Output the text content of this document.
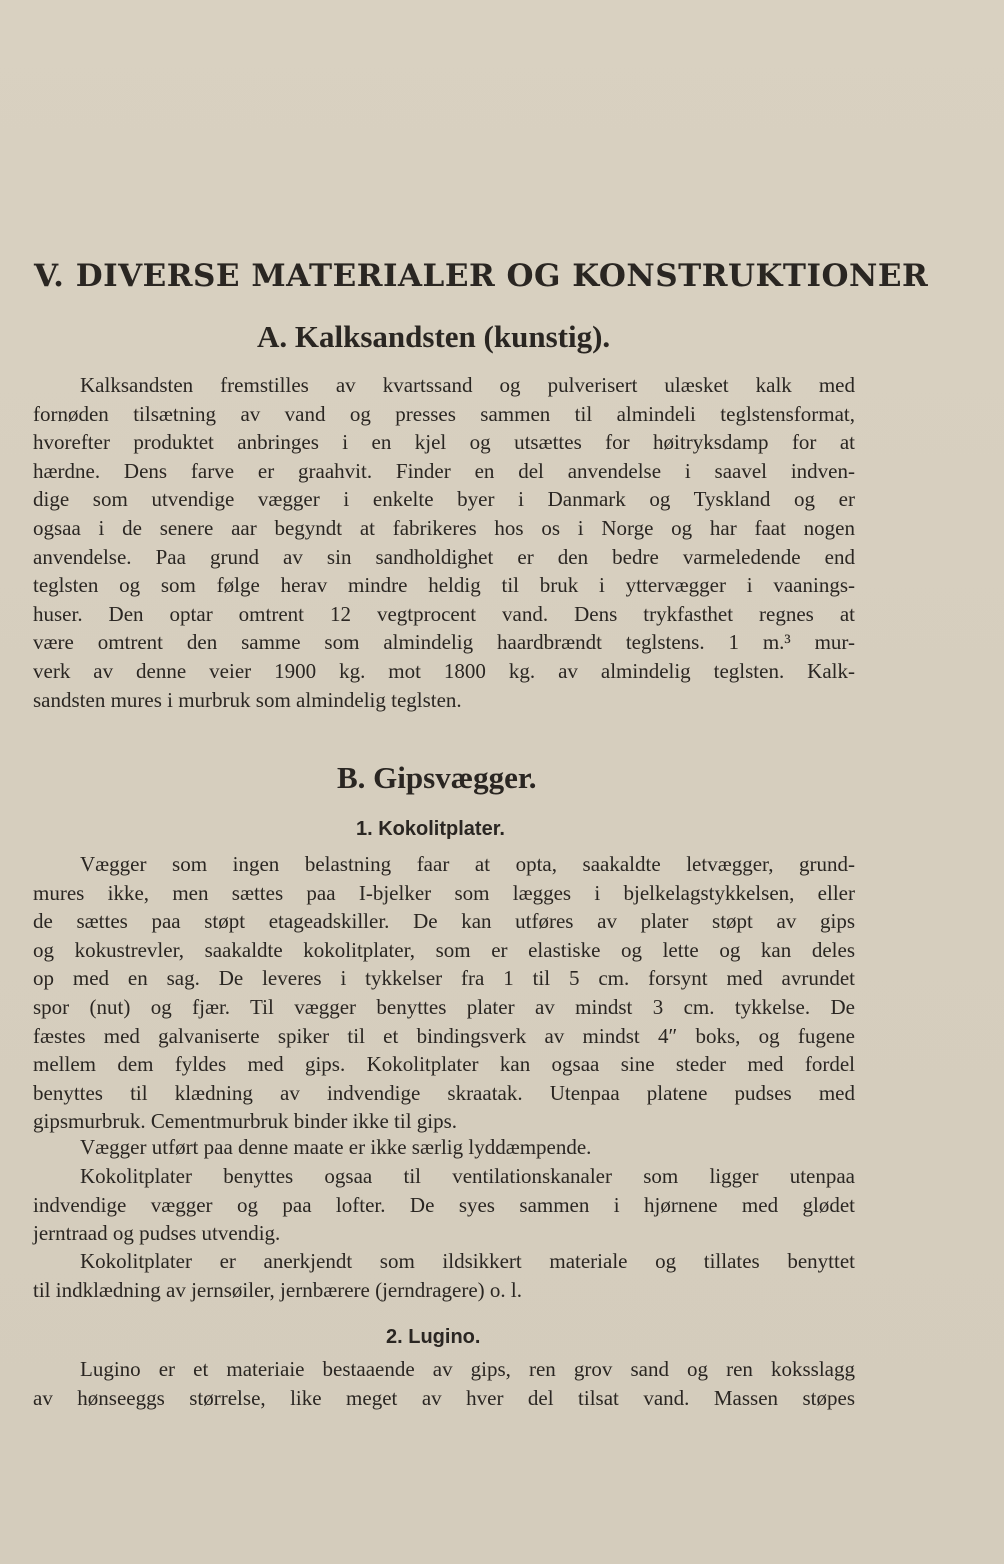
V. DIVERSE MATERIALER OG KONSTRUKTIONER
A. Kalksandsten (kunstig).

Kalksandsten fremstilles av kvartssand og pulverisert ulæsket kalk med
fornøden tilsætning av vand og presses sammen til almindeli teglstensformat,
hvorefter produktet anbringes i en kjel og utsættes for høitryksdamp for at
hærdne. Dens farve er graahvit. Finder en del anvendelse i saavel indven-
dige som utvendige vægger i enkelte byer i Danmark og Tyskland og er
ogsaa i de senere aar begyndt at fabrikeres hos os i Norge og har faat nogen
anvendelse. Paa grund av sin sandholdighet er den bedre varmeledende end
teglsten og som følge herav mindre heldig til bruk i yttervægger i vaanings-
huser. Den optar omtrent 12 vegtprocent vand. Dens trykfasthet regnes at
være omtrent den samme som almindelig haardbrændt teglstens. 1 m.³ mur-
verk av denne veier 1900 kg. mot 1800 kg. av almindelig teglsten. Kalk-
sandsten mures i murbruk som almindelig teglsten.

B. Gipsvægger.
1. Kokolitplater.

Vægger som ingen belastning faar at opta, saakaldte letvægger, grund-
mures ikke, men sættes paa I-bjelker som lægges i bjelkelagstykkelsen, eller
de sættes paa støpt etageadskiller. De kan utføres av plater støpt av gips
og kokustrevler, saakaldte kokolitplater, som er elastiske og lette og kan deles
op med en sag. De leveres i tykkelser fra 1 til 5 cm. forsynt med avrundet
spor (nut) og fjær. Til vægger benyttes plater av mindst 3 cm. tykkelse. De
fæstes med galvaniserte spiker til et bindingsverk av mindst 4″ boks, og fugene
mellem dem fyldes med gips. Kokolitplater kan ogsaa sine steder med fordel
benyttes til klædning av indvendige skraatak. Utenpaa platene pudses med
gipsmurbruk. Cementmurbruk binder ikke til gips.

Vægger utført paa denne maate er ikke særlig lyddæmpende.

Kokolitplater benyttes ogsaa til ventilationskanaler som ligger utenpaa
indvendige vægger og paa lofter. De syes sammen i hjørnene med glødet
jerntraad og pudses utvendig.

Kokolitplater er anerkjendt som ildsikkert materiale og tillates benyttet
til indklædning av jernsøiler, jernbærere (jerndragere) o. l.

2. Lugino.

Lugino er et materiaie bestaaende av gips, ren grov sand og ren koksslagg
av hønseeggs størrelse, like meget av hver del tilsat vand. Massen støpes
